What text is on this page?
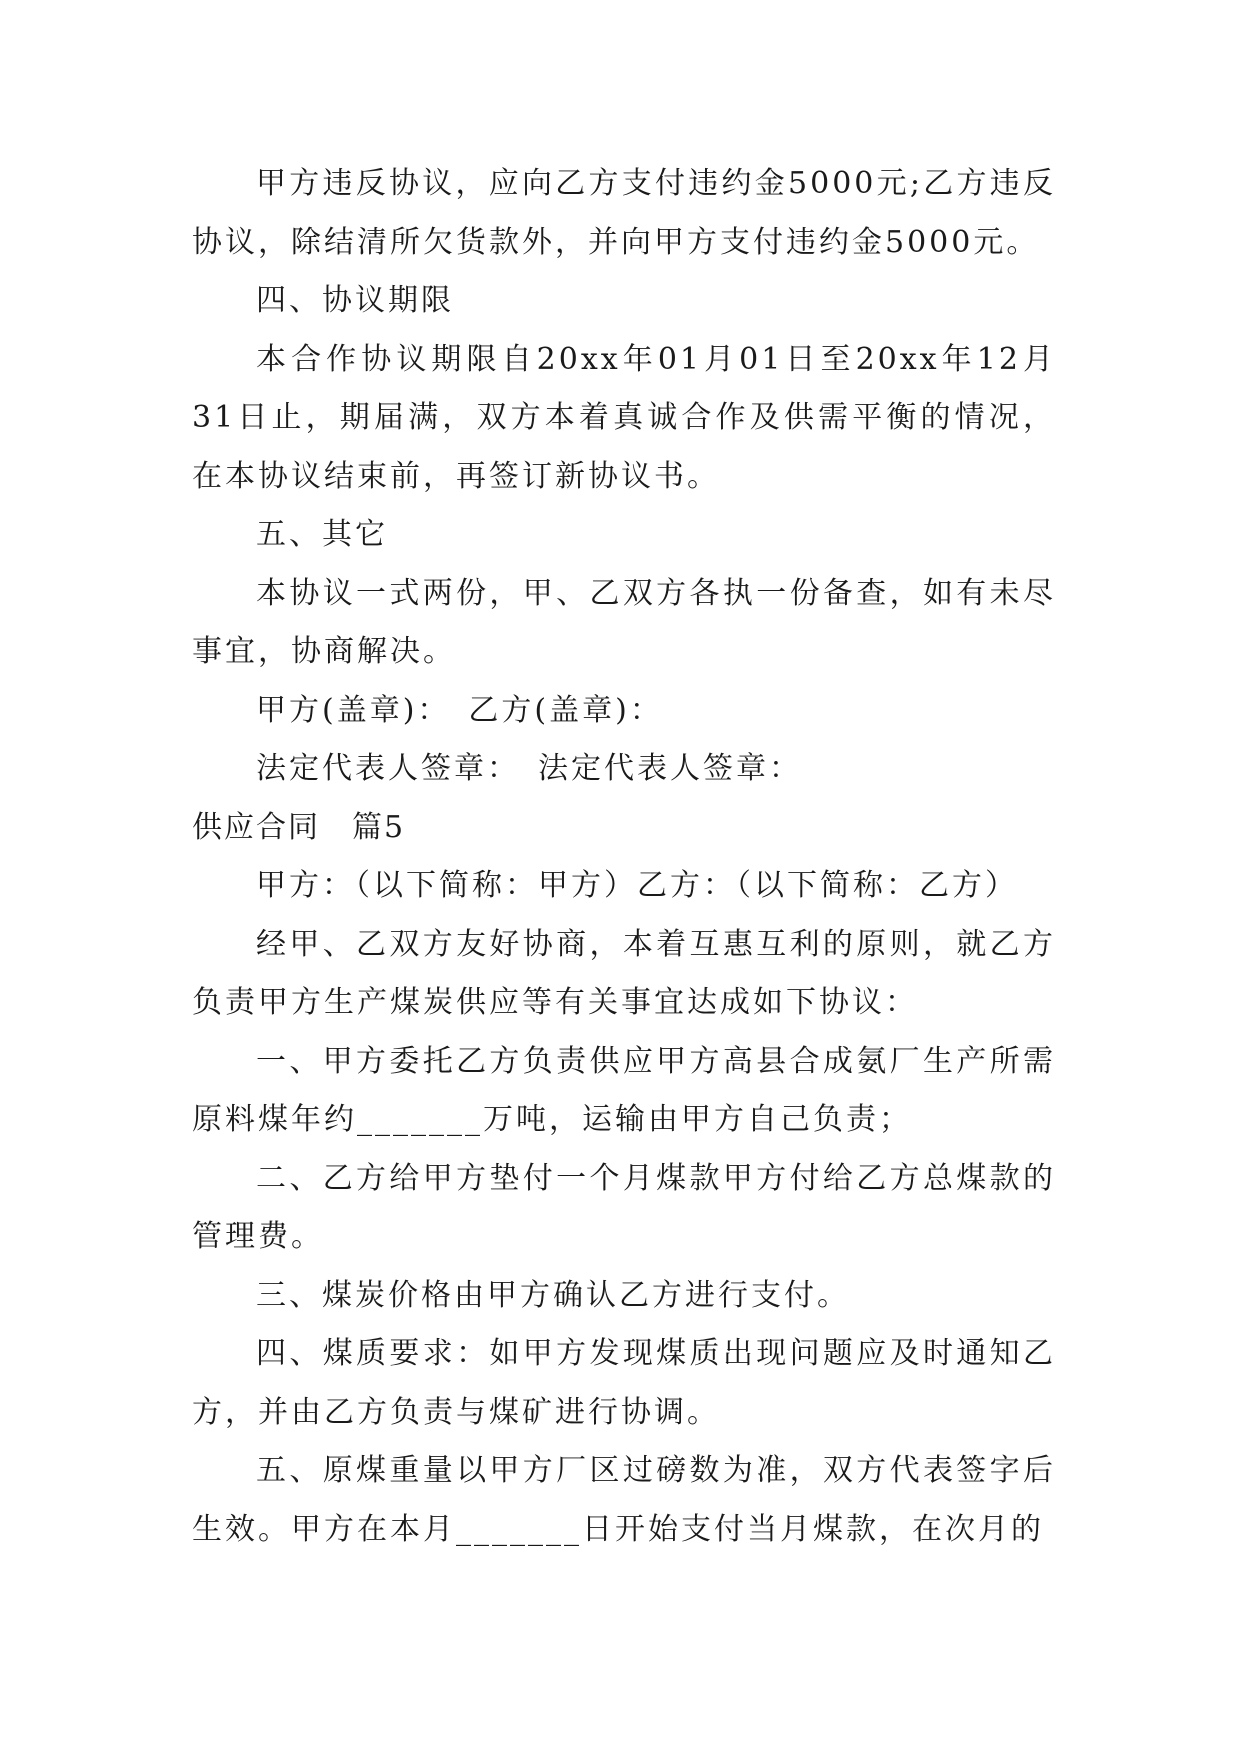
甲方违反协议，应向乙方支付违约金5000元;乙方违反协议，除结清所欠货款外，并向甲方支付违约金5000元。

四、协议期限

本合作协议期限自20xx年01月01日至20xx年12月31日止，期届满，双方本着真诚合作及供需平衡的情况，在本协议结束前，再签订新协议书。

五、其它

本协议一式两份，甲、乙双方各执一份备查，如有未尽事宜，协商解决。

甲方(盖章)：　乙方(盖章)：

法定代表人签章：　法定代表人签章：

供应合同　篇5

甲方：（以下简称：甲方）乙方：（以下简称：乙方）

经甲、乙双方友好协商，本着互惠互利的原则，就乙方负责甲方生产煤炭供应等有关事宜达成如下协议：

一、甲方委托乙方负责供应甲方高县合成氨厂生产所需原料煤年约_______万吨，运输由甲方自己负责；

二、乙方给甲方垫付一个月煤款甲方付给乙方总煤款的管理费。

三、煤炭价格由甲方确认乙方进行支付。

四、煤质要求：如甲方发现煤质出现问题应及时通知乙方，并由乙方负责与煤矿进行协调。

五、原煤重量以甲方厂区过磅数为准，双方代表签字后生效。甲方在本月_______日开始支付当月煤款，在次月的
